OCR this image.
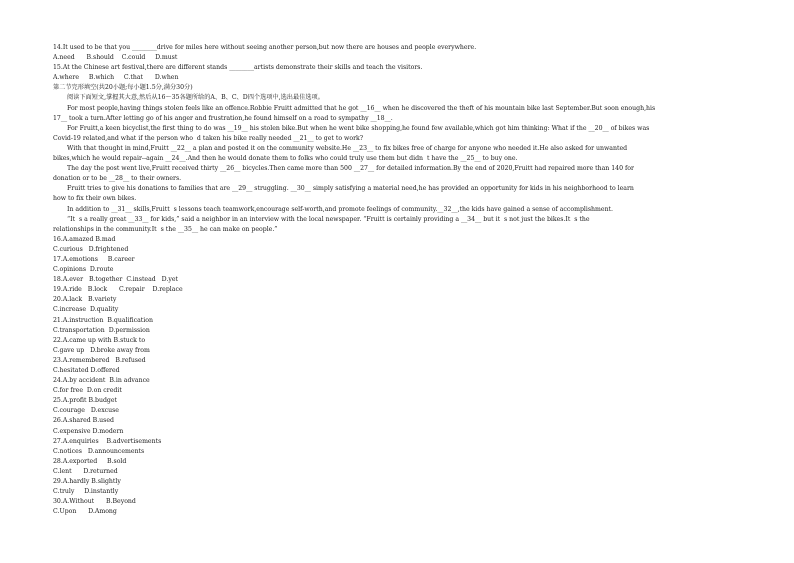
14.It used to be that you ________drive for miles here without seeing another person,but now there are houses and people everywhere.
A.need      B.should    C.could     D.must
15.At the Chinese art festival,there are different stands ________artists demonstrate their skills and teach the visitors.
A.where     B.which     C.that      D.when
第二节完形填空(共20小题;每小题1.5分,满分30分)
阅读下面短文,掌握其大意,然后从16～35各题所给的A、B、C、D四个选项中,选出最佳选项。
For most people,having things stolen feels like an offence.Robbie Fruitt admitted that he got __16__ when he discovered the theft of his mountain bike last September.But soon enough,his
17__ took a turn.After letting go of his anger and frustration,he found himself on a road to sympathy __18__.
For Fruitt,a keen bicyclist,the first thing to do was __19__ his stolen bike.But when he went bike shopping,he found few available,which got him thinking: What if the __20__ of bikes was
Covid-19 related,and what if the person who  d taken his bike really needed __21__ to get to work?
With that thought in mind,Fruitt __22__ a plan and posted it on the community website.He __23__ to fix bikes free of charge for anyone who needed it.He also asked for unwanted
bikes,which he would repair--again __24__.And then he would donate them to folks who could truly use them but didn  t have the __25__ to buy one.
The day the post went live,Fruitt received thirty __26__ bicycles.Then came more than 500 __27__ for detailed information.By the end of 2020,Fruitt had repaired more than 140 for
donation or to be __28__ to their owners.
Fruitt tries to give his donations to families that are __29__ struggling. __30__ simply satisfying a material need,he has provided an opportunity for kids in his neighborhood to learn
how to fix their own bikes.
In addition to __31__ skills,Fruitt  s lessons teach teamwork,encourage self-worth,and promote feelings of community.__32__,the kids have gained a sense of accomplishment.
“It  s a really great __33__ for kids,” said a neighbor in an interview with the local newspaper. “Fruitt is certainly providing a __34__ but it  s not just the bikes.It  s the
relationships in the community.It  s the __35__ he can make on people.”
16.A.amazed B.mad
C.curious   D.frightened
17.A.emotions     B.career
C.opinions  D.route
18.A.ever   B.together  C.instead   D.yet
19.A.ride   B.lock      C.repair    D.replace
20.A.lack   B.variety
C.increase  D.quality
21.A.instruction  B.qualification
C.transportation  D.permission
22.A.came up with B.stuck to
C.gave up   D.broke away from
23.A.remembered   B.refused
C.hesitated D.offered
24.A.by accident  B.in advance
C.for free  D.on credit
25.A.profit B.budget
C.courage   D.excuse
26.A.shared B.used
C.expensive D.modern
27.A.enquiries    B.advertisements
C.notices   D.announcements
28.A.exported     B.sold
C.lent      D.returned
29.A.hardly B.slightly
C.truly     D.instantly
30.A.Without      B.Beyond
C.Upon      D.Among
